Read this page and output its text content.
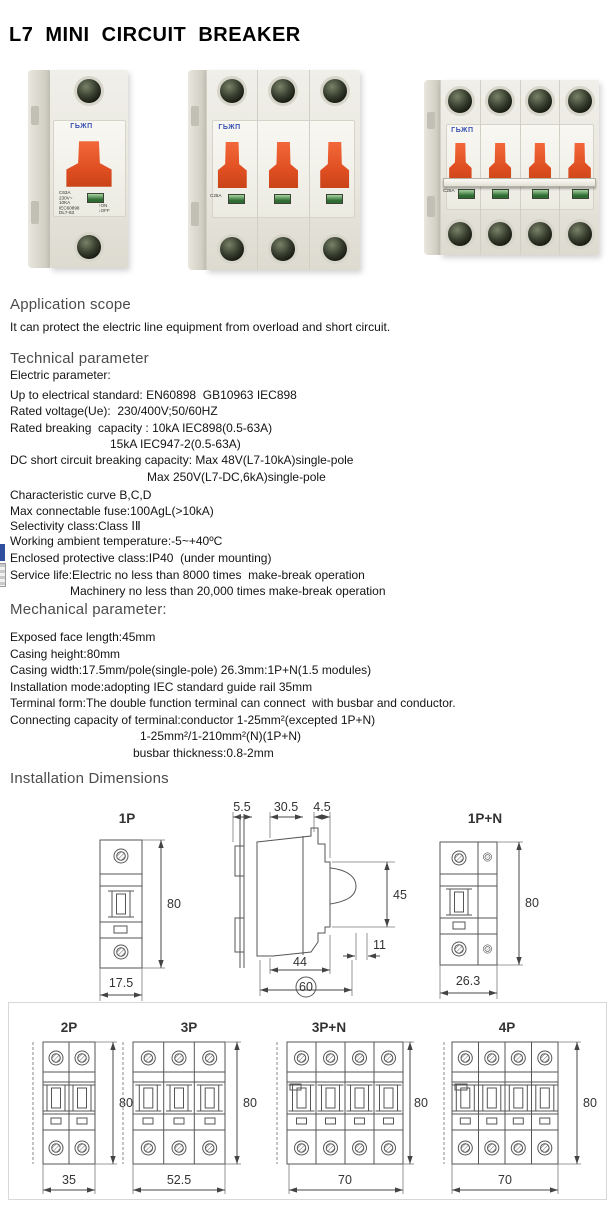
L7 MINI CIRCUIT BREAKER
ГЬЖП
C63A
230V~
10KA
IEC60898
DL7-63
↑ ON
↓ OFF
ГЬЖП
C25A
ГЬЖП
C25A
Application scope
It can protect the electric line equipment from overload and short circuit.
Technical parameter
Electric parameter:
Up to electrical standard: EN60898  GB10963 IEC898
Rated voltage(Ue):  230/400V;50/60HZ
Rated breaking  capacity : 10kA IEC898(0.5-63A)
15kA IEC947-2(0.5-63A)
DC short circuit breaking capacity: Max 48V(L7-10kA)single-pole
Max 250V(L7-DC,6kA)single-pole
Characteristic curve B,C,D
Max connectable fuse:100AgL(>10kA)
Selectivity class:Class ⅠⅡ
Working ambient temperature:-5~+40ºC
Enclosed protective class:IP40  (under mounting)
Service life:Electric no less than 8000 times  make-break operation
Machinery no less than 20,000 times make-break operation
Mechanical parameter:
Exposed face length:45mm
Casing height:80mm
Casing width:17.5mm/pole(single-pole) 26.3mm:1P+N(1.5 modules)
Installation mode:adopting IEC standard guide rail 35mm
Terminal form:The double function terminal can connect  with busbar and conductor.
Connecting capacity of terminal:conductor 1-25mm²(excepted 1P+N)
1-25mm²/1-210mm²(N)(1P+N)
busbar thickness:0.8-2mm
Installation Dimensions
1P
80
17.5
5.5 30.5 4.5
45
11
44
60
1P+N
80
26.3
2P
80
35
3P
80
52.5
3P+N
80
70
4P
80
70
